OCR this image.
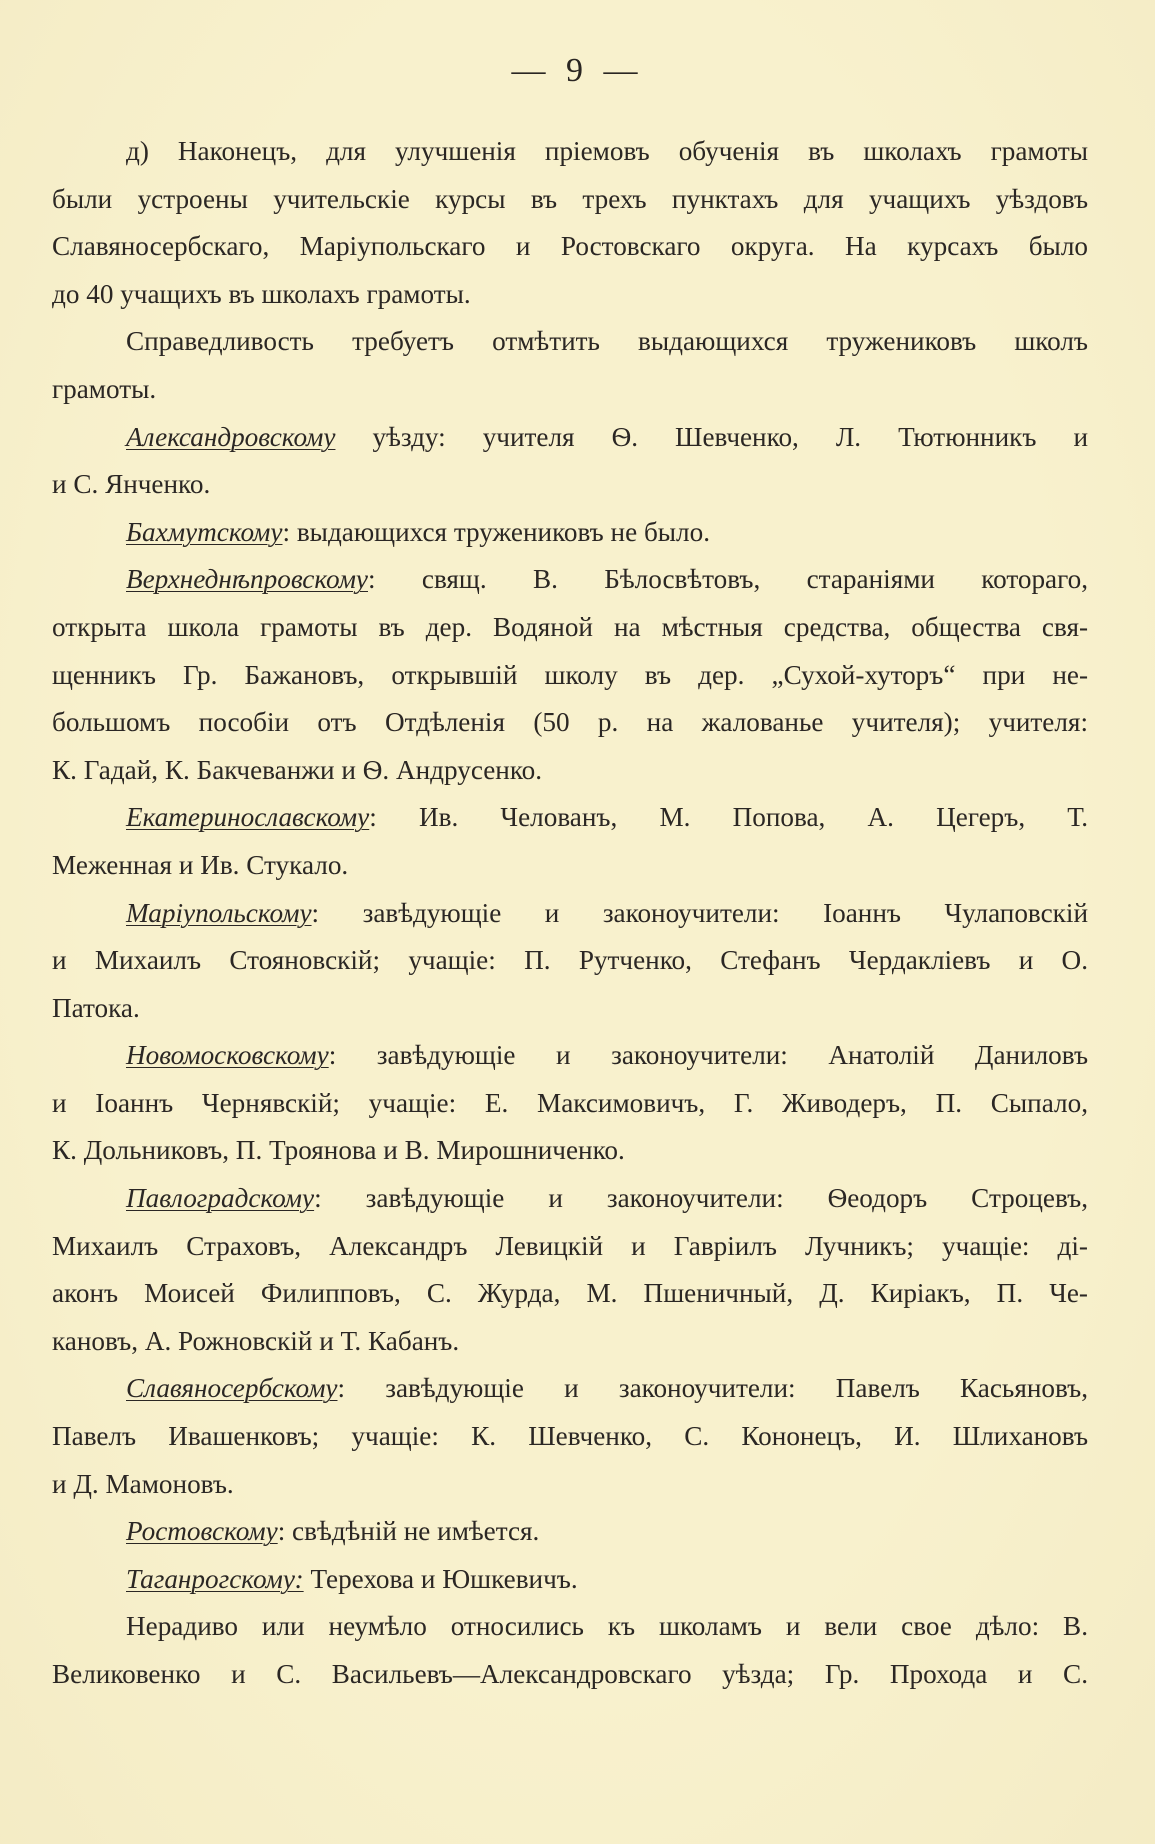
— 9 —
д) Наконецъ, для улучшенія пріемовъ обученія въ школахъ грамоты
были устроены учительскіе курсы въ трехъ пунктахъ для учащихъ уѣздовъ
Славяносербскаго, Маріупольскаго и Ростовскаго округа. На курсахъ было
до 40 учащихъ въ школахъ грамоты.
Справедливость требуетъ отмѣтить выдающихся тружениковъ школъ
грамоты.
Александровскому уѣзду: учителя Ѳ. Шевченко, Л. Тютюнникъ и
и С. Янченко.
Бахмутскому: выдающихся тружениковъ не было.
Верхнеднѣпровскому: свящ. В. Бѣлосвѣтовъ, стараніями котораго,
открыта школа грамоты въ дер. Водяной на мѣстныя средства, общества свя-
щенникъ Гр. Бажановъ, открывшій школу въ дер. „Сухой-хуторъ“ при не-
большомъ пособіи отъ Отдѣленія (50 р. на жалованье учителя); учителя:
К. Гадай, К. Бакчеванжи и Ѳ. Андрусенко.
Екатеринославскому: Ив. Челованъ, М. Попова, А. Цегеръ, Т.
Меженная и Ив. Стукало.
Маріупольскому: завѣдующіе и законоучители: Іоаннъ Чулаповскій
и Михаилъ Стояновскій; учащіе: П. Рутченко, Стефанъ Чердакліевъ и О.
Патока.
Новомосковскому: завѣдующіе и законоучители: Анатолій Даниловъ
и Іоаннъ Чернявскій; учащіе: Е. Максимовичъ, Г. Живодеръ, П. Сыпало,
К. Дольниковъ, П. Троянова и В. Мирошниченко.
Павлоградскому: завѣдующіе и законоучители: Ѳеодоръ Строцевъ,
Михаилъ Страховъ, Александръ Левицкій и Гавріилъ Лучникъ; учащіе: ді-
аконъ Моисей Филипповъ, С. Журда, М. Пшеничный, Д. Киріакъ, П. Че-
кановъ, А. Рожновскій и Т. Кабанъ.
Славяносербскому: завѣдующіе и законоучители: Павелъ Касьяновъ,
Павелъ Ивашенковъ; учащіе: К. Шевченко, С. Кононецъ, И. Шлихановъ
и Д. Мамоновъ.
Ростовскому: свѣдѣній не имѣется.
Таганрогскому: Терехова и Юшкевичъ.
Нерадиво или неумѣло относились къ школамъ и вели свое дѣло: В.
Великовенко и С. Васильевъ—Александровскаго уѣзда; Гр. Прохода и С.
